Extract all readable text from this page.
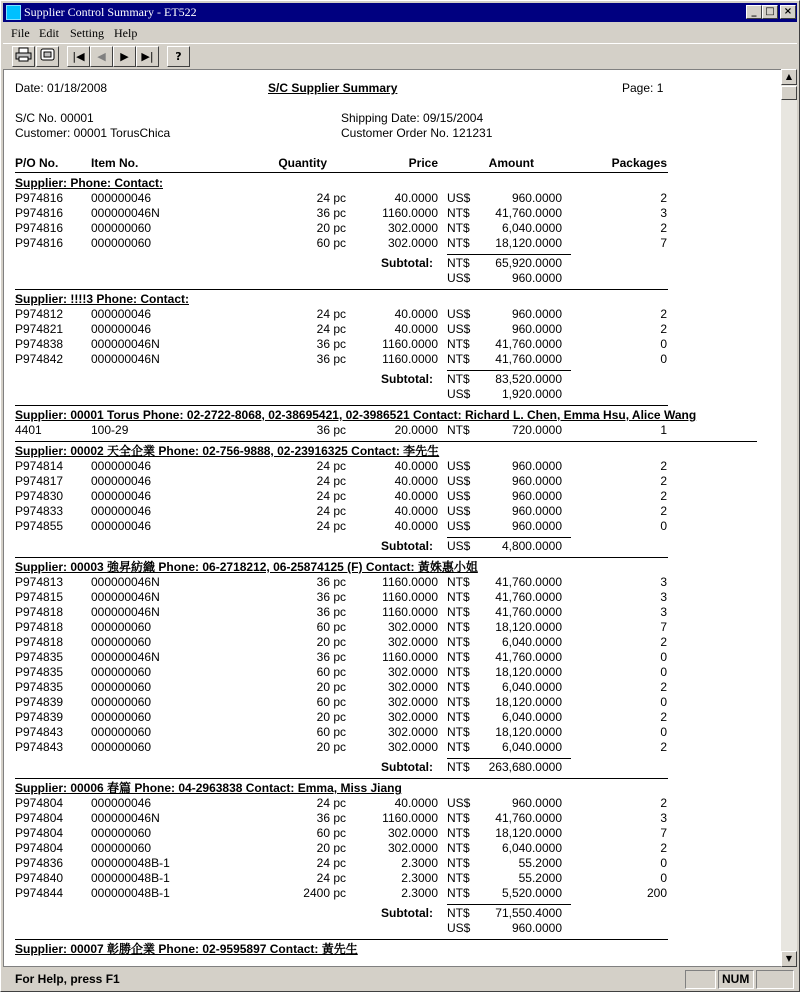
Supplier Control Summary - ET522	_ □ ×
File Edit Setting Help
|◀	◀	▶	▶|	?
Date: 01/18/2008	S/C Supplier Summary	Page: 1
S/C No. 00001
Customer: 00001 TorusChica
Shipping Date: 09/15/2004
Customer Order No. 121231
P/O No.	Item No.	Quantity	Price	Amount	Packages
Supplier: Phone: Contact:
P974816 000000046	24 pc	40.0000 US$	960.0000	2
P974816 000000046N	36 pc	1160.0000 NT$	41,760.0000	3
P974816 000000060	20 pc	302.0000 NT$	6,040.0000	2
P974816 000000060	60 pc	302.0000 NT$	18,120.0000	7
Subtotal: NT$	65,920.0000
US$	960.0000
Supplier: !!!!3 Phone: Contact:
P974812 000000046	24 pc	40.0000 US$	960.0000	2
P974821 000000046	24 pc	40.0000 US$	960.0000	2
P974838 000000046N	36 pc	1160.0000 NT$	41,760.0000	0
P974842 000000046N	36 pc	1160.0000 NT$	41,760.0000	0
Subtotal: NT$	83,520.0000
US$	1,920.0000
Supplier: 00001 Torus Phone: 02-2722-8068, 02-38695421, 02-3986521 Contact: Richard L. Chen, Emma Hsu, Alice Wang
4401	100-29	36 pc	20.0000 NT$	720.0000	1
Supplier: 00002 天全企業 Phone: 02-756-9888, 02-23916325 Contact: 李先生
P974814 000000046	24 pc	40.0000 US$	960.0000	2
P974817 000000046	24 pc	40.0000 US$	960.0000	2
P974830 000000046	24 pc	40.0000 US$	960.0000	2
P974833 000000046	24 pc	40.0000 US$	960.0000	2
P974855 000000046	24 pc	40.0000 US$	960.0000	0
Subtotal: US$	4,800.0000
Supplier: 00003 強昇紡織 Phone: 06-2718212, 06-25874125 (F) Contact: 黃姝惠小姐
P974813 000000046N	36 pc	1160.0000 NT$	41,760.0000	3
P974815 000000046N	36 pc	1160.0000 NT$	41,760.0000	3
P974818 000000046N	36 pc	1160.0000 NT$	41,760.0000	3
P974818 000000060	60 pc	302.0000 NT$	18,120.0000	7
P974818 000000060	20 pc	302.0000 NT$	6,040.0000	2
P974835 000000046N	36 pc	1160.0000 NT$	41,760.0000	0
P974835 000000060	60 pc	302.0000 NT$	18,120.0000	0
P974835 000000060	20 pc	302.0000 NT$	6,040.0000	2
P974839 000000060	60 pc	302.0000 NT$	18,120.0000	0
P974839 000000060	20 pc	302.0000 NT$	6,040.0000	2
P974843 000000060	60 pc	302.0000 NT$	18,120.0000	0
P974843 000000060	20 pc	302.0000 NT$	6,040.0000	2
Subtotal: NT$	263,680.0000
Supplier: 00006 春篇 Phone: 04-2963838 Contact: Emma, Miss Jiang
P974804 000000046	24 pc	40.0000 US$	960.0000	2
P974804 000000046N	36 pc	1160.0000 NT$	41,760.0000	3
P974804 000000060	60 pc	302.0000 NT$	18,120.0000	7
P974804 000000060	20 pc	302.0000 NT$	6,040.0000	2
P974836 000000048B-1	24 pc	2.3000 NT$	55.2000	0
P974840 000000048B-1	24 pc	2.3000 NT$	55.2000	0
P974844 000000048B-1	2400 pc	2.3000 NT$	5,520.0000	200
Subtotal: NT$	71,550.4000
US$	960.0000
Supplier: 00007 彰勝企業 Phone: 02-9595897 Contact: 黃先生
▲
▼
For Help, press F1	NUM
